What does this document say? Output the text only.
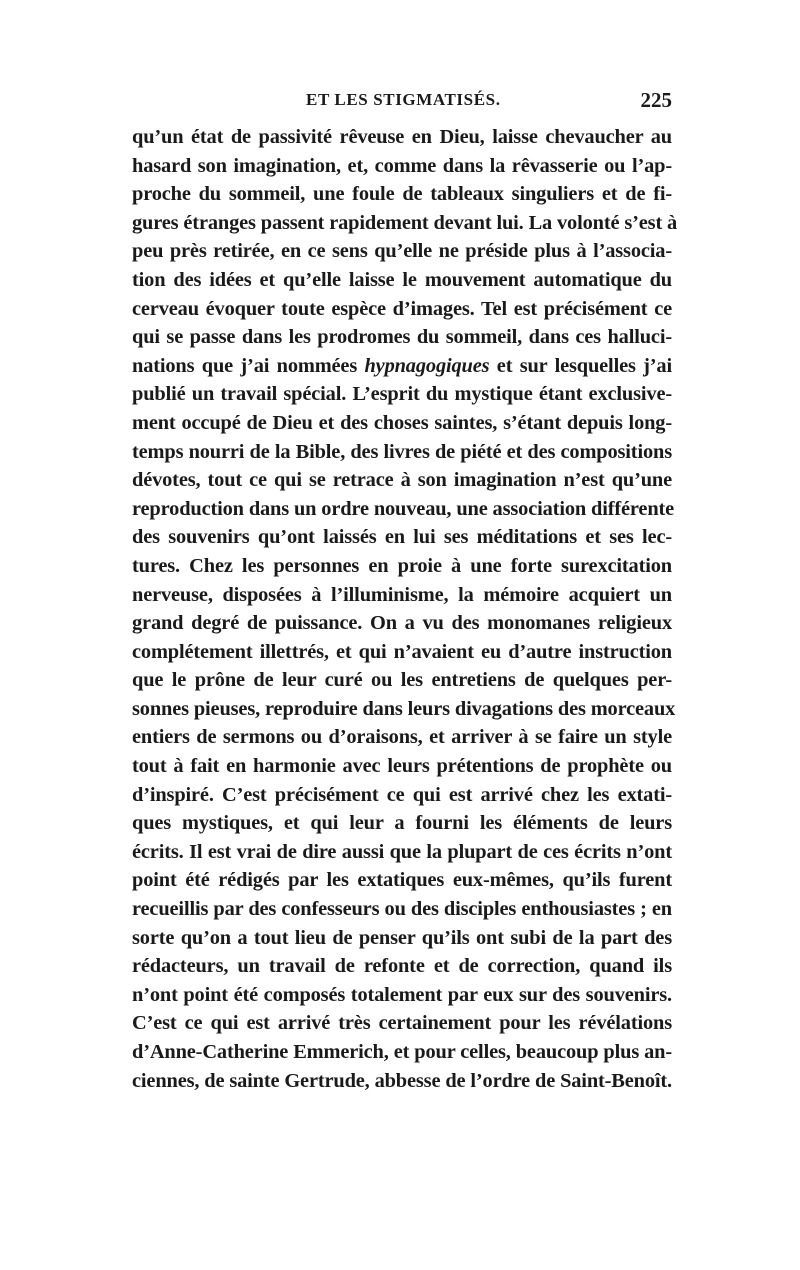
ET LES STIGMATISÉS.	225
qu’un état de passivité rêveuse en Dieu, laisse chevaucher au
hasard son imagination, et, comme dans la rêvasserie ou l’ap-
proche du sommeil, une foule de tableaux singuliers et de fi-
gures étranges passent rapidement devant lui. La volonté s’est à
peu près retirée, en ce sens qu’elle ne préside plus à l’associa-
tion des idées et qu’elle laisse le mouvement automatique du
cerveau évoquer toute espèce d’images. Tel est précisément ce
qui se passe dans les prodromes du sommeil, dans ces halluci-
nations que j’ai nommées hypnagogiques et sur lesquelles j’ai
publié un travail spécial. L’esprit du mystique étant exclusive-
ment occupé de Dieu et des choses saintes, s’étant depuis long-
temps nourri de la Bible, des livres de piété et des compositions
dévotes, tout ce qui se retrace à son imagination n’est qu’une
reproduction dans un ordre nouveau, une association différente
des souvenirs qu’ont laissés en lui ses méditations et ses lec-
tures. Chez les personnes en proie à une forte surexcitation
nerveuse, disposées à l’illuminisme, la mémoire acquiert un
grand degré de puissance. On a vu des monomanes religieux
complétement illettrés, et qui n’avaient eu d’autre instruction
que le prône de leur curé ou les entretiens de quelques per-
sonnes pieuses, reproduire dans leurs divagations des morceaux
entiers de sermons ou d’oraisons, et arriver à se faire un style
tout à fait en harmonie avec leurs prétentions de prophète ou
d’inspiré. C’est précisément ce qui est arrivé chez les extati-
ques mystiques, et qui leur a fourni les éléments de leurs
écrits. Il est vrai de dire aussi que la plupart de ces écrits n’ont
point été rédigés par les extatiques eux-mêmes, qu’ils furent
recueillis par des confesseurs ou des disciples enthousiastes ; en
sorte qu’on a tout lieu de penser qu’ils ont subi de la part des
rédacteurs, un travail de refonte et de correction, quand ils
n’ont point été composés totalement par eux sur des souvenirs.
C’est ce qui est arrivé très certainement pour les révélations
d’Anne-Catherine Emmerich, et pour celles, beaucoup plus an-
ciennes, de sainte Gertrude, abbesse de l’ordre de Saint-Benoît.
